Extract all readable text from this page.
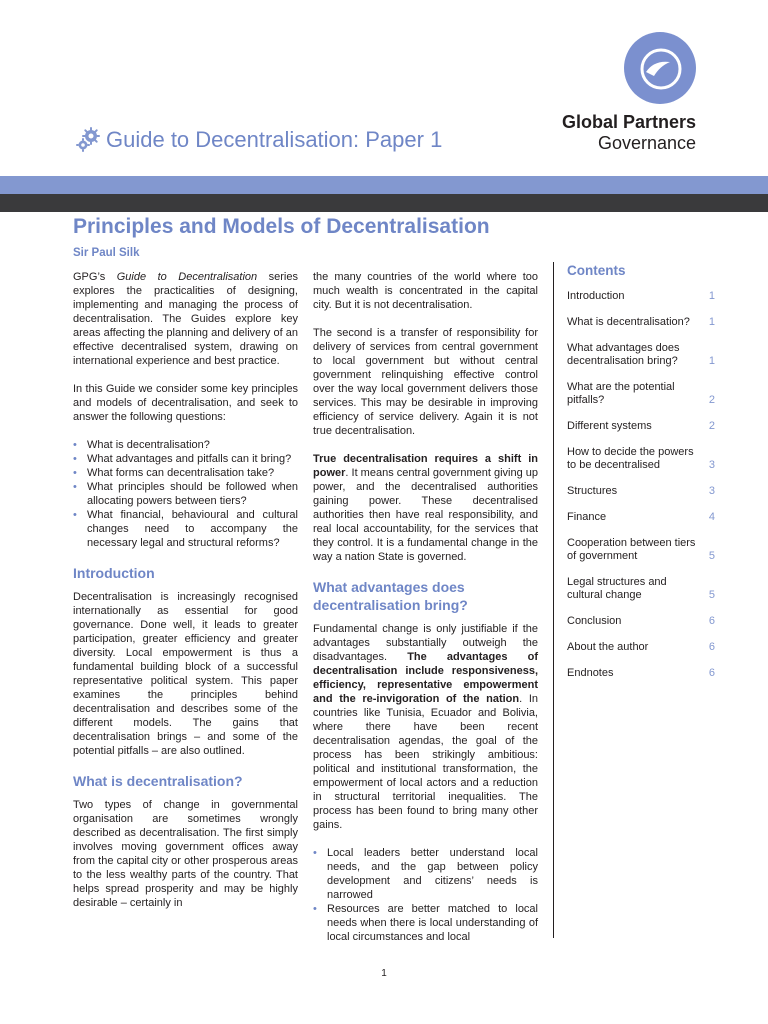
Guide to Decentralisation: Paper 1
Global Partners
Governance
Principles and Models of Decentralisation
Sir Paul Silk

GPG’s Guide to Decentralisation series explores the practicalities of designing, implementing and managing the process of decentralisation. The Guides explore key areas affecting the planning and delivery of an effective decentralised system, drawing on international experience and best practice.

In this Guide we consider some key principles and models of decentralisation, and seek to answer the following questions:

• What is decentralisation?
• What advantages and pitfalls can it bring?
• What forms can decentralisation take?
• What principles should be followed when allocating powers between tiers?
• What financial, behavioural and cultural changes need to accompany the necessary legal and structural reforms?
Introduction

Decentralisation is increasingly recognised internationally as essential for good governance. Done well, it leads to greater participation, greater efficiency and greater diversity. Local empowerment is thus a fundamental building block of a successful representative political system. This paper examines the principles behind decentralisation and describes some of the different models. The gains that decentralisation brings – and some of the potential pitfalls – are also outlined.

What is decentralisation?

Two types of change in governmental organisation are sometimes wrongly described as decentralisation. The first simply involves moving government offices away from the capital city or other prosperous areas to the less wealthy parts of the country. That helps spread prosperity and may be highly desirable – certainly in

the many countries of the world where too much wealth is concentrated in the capital city. But it is not decentralisation.

The second is a transfer of responsibility for delivery of services from central government to local government but without central government relinquishing effective control over the way local government delivers those services. This may be desirable in improving efficiency of service delivery. Again it is not true decentralisation.

True decentralisation requires a shift in power. It means central government giving up power, and the decentralised authorities gaining power. These decentralised authorities then have real responsibility, and real local accountability, for the services that they control. It is a fundamental change in the way a nation State is governed.

What advantages does decentralisation bring?

Fundamental change is only justifiable if the advantages substantially outweigh the disadvantages. The advantages of decentralisation include responsiveness, efficiency, representative empowerment and the re-invigoration of the nation. In countries like Tunisia, Ecuador and Bolivia, where there have been recent decentralisation agendas, the goal of the process has been strikingly ambitious: political and institutional transformation, the empowerment of local actors and a reduction in structural territorial inequalities. The process has been found to bring many other gains.

• Local leaders better understand local needs, and the gap between policy development and citizens’ needs is narrowed
• Resources are better matched to local needs when there is local understanding of local circumstances and local
Contents
Introduction	1
What is decentralisation?	1
What advantages does decentralisation bring?	1
What are the potential pitfalls?	2
Different systems	2
How to decide the powers to be decentralised	3
Structures	3
Finance	4
Cooperation between tiers of government	5
Legal structures and cultural change	5
Conclusion	6
About the author	6
Endnotes	6
1
